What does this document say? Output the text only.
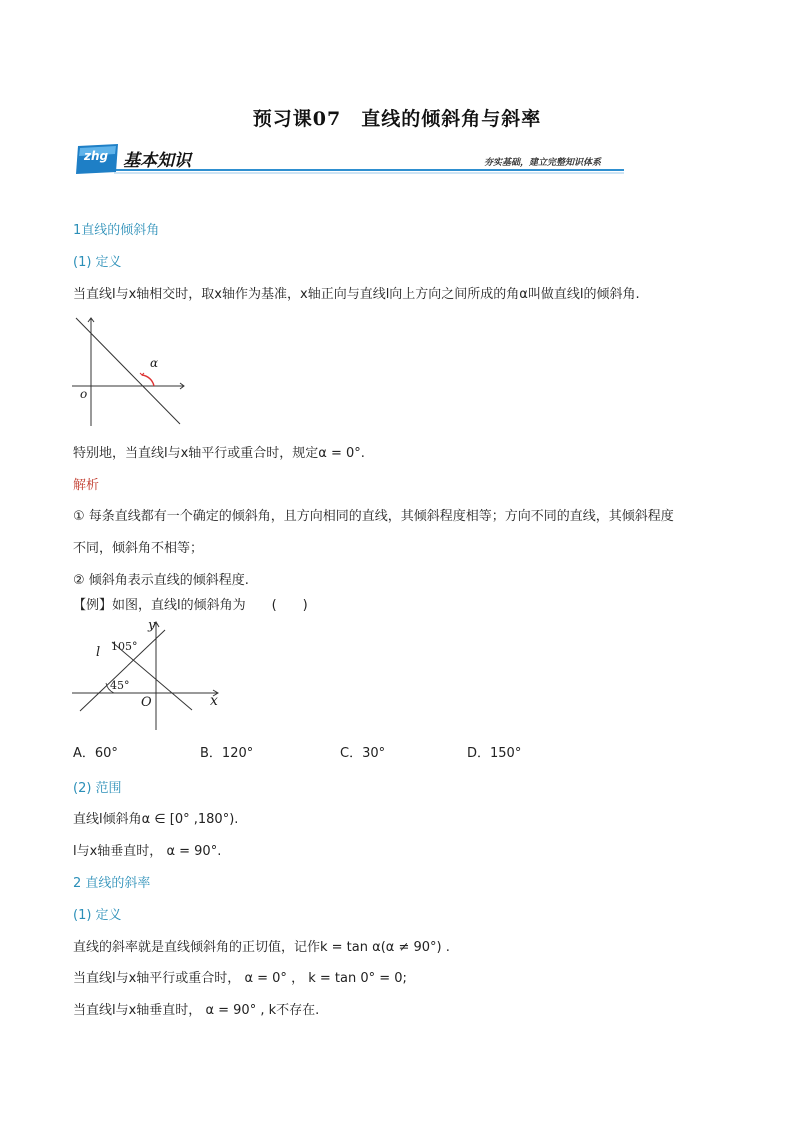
预习课07　直线的倾斜角与斜率
zhg 基本知识	夯实基础，建立完整知识体系
1直线的倾斜角
(1) 定义
当直线l与x轴相交时，取x轴作为基准，x轴正向与直线l向上方向之间所成的角α叫做直线l的倾斜角.
α
o
特别地，当直线l与x轴平行或重合时，规定α = 0°.
解析
① 每条直线都有一个确定的倾斜角，且方向相同的直线，其倾斜程度相等；方向不同的直线，其倾斜程度
不同，倾斜角不相等；
② 倾斜角表示直线的倾斜程度.
【例】如图，直线l的倾斜角为　　(　　)
y
x
O
l 105°
45°
A．60°	B．120°	C．30°	D．150°
(2) 范围
直线l倾斜角α ∈ [0° ,180°).
l与x轴垂直时， α = 90°.
2 直线的斜率
(1) 定义
直线的斜率就是直线倾斜角的正切值，记作k = tan α(α ≠ 90°) .
当直线l与x轴平行或重合时， α = 0° ， k = tan 0° = 0;
当直线l与x轴垂直时， α = 90° , k不存在.
